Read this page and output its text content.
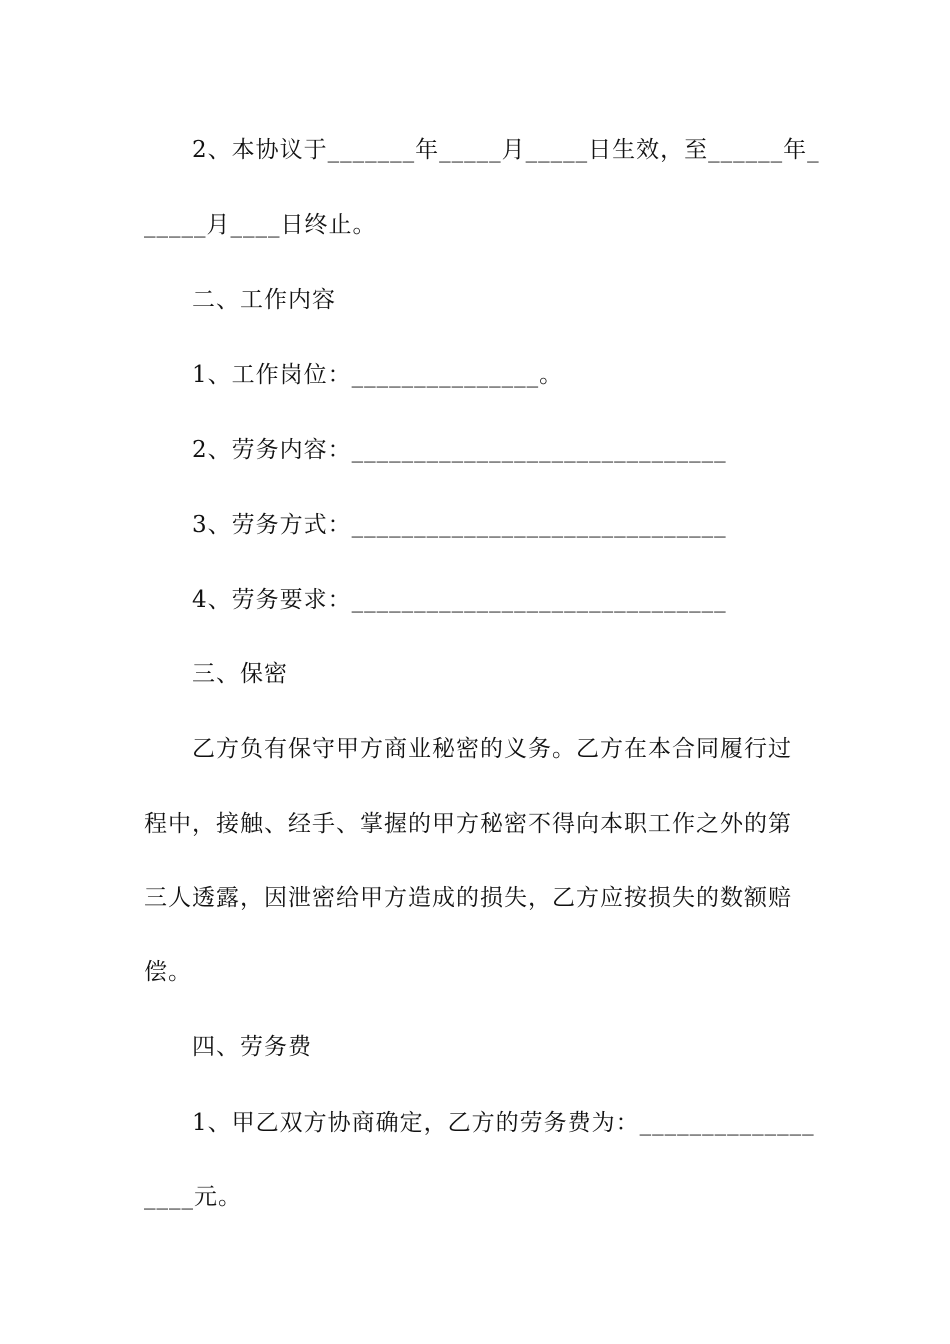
2、本协议于_______年_____月_____日生效，至______年_
_____月____日终止。
二、工作内容
1、工作岗位：_______________。
2、劳务内容：______________________________
3、劳务方式：______________________________
4、劳务要求：______________________________
三、保密
乙方负有保守甲方商业秘密的义务。乙方在本合同履行过
程中，接触、经手、掌握的甲方秘密不得向本职工作之外的第
三人透露，因泄密给甲方造成的损失，乙方应按损失的数额赔
偿。
四、劳务费
1、甲乙双方协商确定，乙方的劳务费为：______________
____元。
